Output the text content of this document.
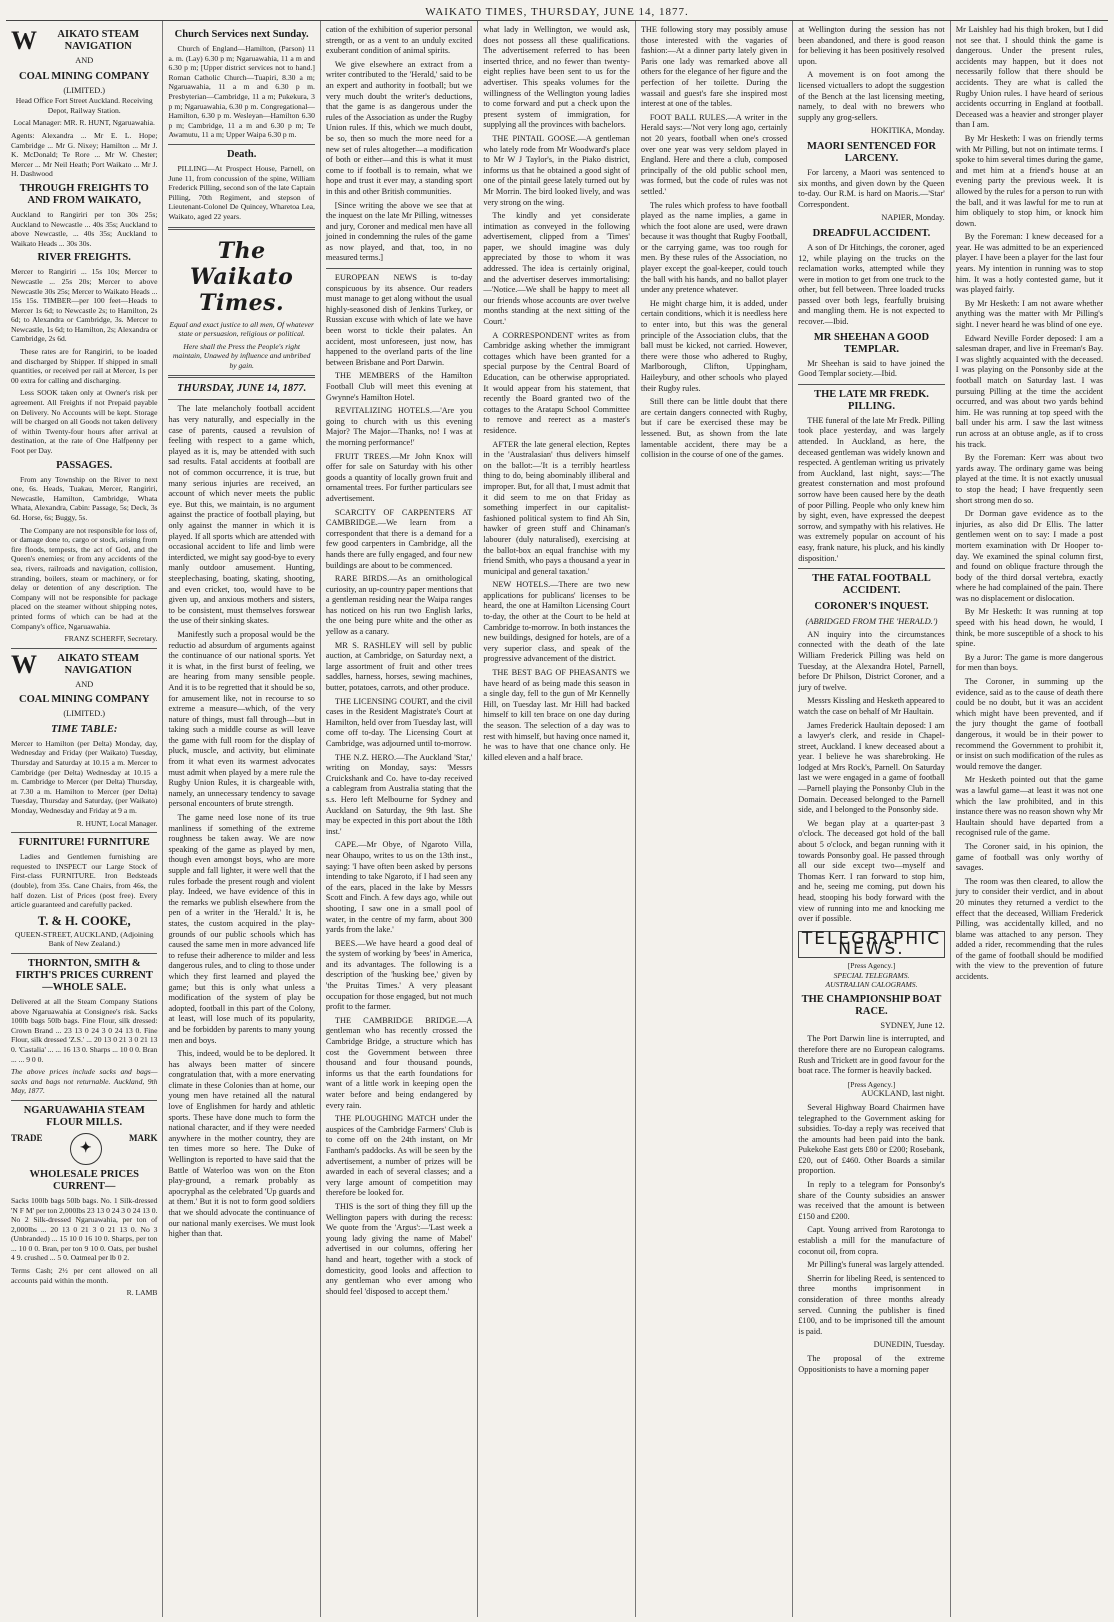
WAIKATO TIMES, THURSDAY, JUNE 14, 1877.
W AIKATO STEAM NAVIGATION
AND
COAL MINING COMPANY
(LIMITED.)

Head Office Fort Street Auckland. Receiving Depot, Railway Station.

Local Manager: MR. R. HUNT, Ngaruawahia.

Agents: Alexandra ... Mr E. L. Hope; Cambridge ... Mr G. Nixey; Hamilton ... Mr J. K. McDonald; Te Rore ... Mr W. Chester; Mercer ... Mr Neil Heath; Port Waikato ... Mr J. H. Dashwood

THROUGH FREIGHTS TO AND FROM WAIKATO,

Auckland to Rangiriri per ton 30s 25s; Auckland to Newcastle ... 40s 35s; Auckland to above Newcastle, ... 40s 35s; Auckland to Waikato Heads ... 30s 30s.

RIVER FREIGHTS.

Mercer to Rangiriri ... 15s 10s; Mercer to Newcastle ... 25s 20s; Mercer to above Newcastle 30s 25s; Mercer to Waikato Heads ... 15s 15s. TIMBER—per 100 feet—Heads to Mercer 1s 6d; to Newcastle 2s; to Hamilton, 2s 6d; to Alexandra or Cambridge, 3s. Mercer to Newcastle, 1s 6d; to Hamilton, 2s; Alexandra or Cambridge, 2s 6d.

These rates are for Rangiriri, to be loaded and discharged by Shipper. If shipped in small quantities, or received per rail at Mercer, 1s per 00 extra for calling and discharging.

Less SOOK taken only at Owner's risk per agreement. All Freights if not Prepaid payable on Delivery. No Accounts will be kept. Storage will be charged on all Goods not taken delivery of within Twenty-four hours after arrival at destination, at the rate of One Halfpenny per Foot per Day.

PASSAGES.

From any Township on the River to next one, 6s. Heads, Tuakau, Mercer, Rangiriri, Newcastle, Hamilton, Cambridge, Whata Whata, Alexandra, Cabin: Passage, 5s; Deck, 3s 6d. Horse, 6s; Buggy, 5s.

The Company are not responsible for loss of, or damage done to, cargo or stock, arising from fire floods, tempests, the act of God, and the Queen's enemies; or from any accidents of the sea, rivers, railroads and navigation, collision, stranding, boilers, steam or machinery, or for delay or detention of any description. The Company will not be responsible for package placed on the steamer without shipping notes, printed forms of which can be had at the Company's office, Ngaruawahia.

FRANZ SCHERFF, Secretary.

W AIKATO STEAM NAVIGATION
AND
COAL MINING COMPANY
(LIMITED.)
TIME TABLE:

Mercer to Hamilton (per Delta) Monday, day, Wednesday and Friday (per Waikato) Tuesday, Thursday and Saturday at 10.15 a m. Mercer to Cambridge (per Delta) Wednesday at 10.15 a m. Cambridge to Mercer (per Delta) Thursday, at 7.30 a m. Hamilton to Mercer (per Delta) Tuesday, Thursday and Saturday, (per Waikato) Monday, Wednesday and Friday at 9 a m.

R. HUNT, Local Manager.

FURNITURE! FURNITURE

Ladies and Gentlemen furnishing are requested to INSPECT our Large Stock of First-class FURNITURE. Iron Bedsteads (double), from 35s. Cane Chairs, from 46s, the half dozen. List of Prices (post free). Every article guaranteed and carefully packed.

T. & H. COOKE,

QUEEN-STREET, AUCKLAND, (Adjoining Bank of New Zealand.)

THORNTON, SMITH & FIRTH'S PRICES CURRENT—WHOLE SALE.

Delivered at all the Steam Company Stations above Ngaruawahia at Consignee's risk. Sacks 100lb bags 50lb bags. Fine Flour, silk dressed: Crown Brand ... 23 13 0 24 3 0 24 13 0. Fine Flour, silk dressed 'Z.S.' ... 20 13 0 21 3 0 21 13 0. 'Castalia' ... ... 16 13 0. Sharps ... 10 0 0. Bran ... ... 9 0 0.

The above prices include sacks and bags—sacks and bags not returnable. Auckland, 9th May, 1877.

NGARUAWAHIA STEAM FLOUR MILLS.
TRADE
✦
MARK
WHOLESALE PRICES CURRENT—

Sacks 100lb bags 50lb bags. No. 1 Silk-dressed 'N F M' per ton 2,000lbs 23 13 0 24 3 0 24 13 0. No 2 Silk-dressed Ngaruawahia, per ton of 2,000lbs ... 20 13 0 21 3 0 21 13 0. No 3 (Unbranded) ... 15 10 0 16 10 0. Sharps, per ton ... 10 0 0. Bran, per ton 9 10 0. Oats, per bushel 4 9. crushed ... 5 0. Oatmeal per lb 0 2.

Terms Cash; 2½ per cent allowed on all accounts paid within the month.

R. LAMB

Church Services next Sunday.

Church of England—Hamilton, (Parson) 11 a. m. (Lay) 6.30 p m; Ngaruawahia, 11 a m and 6.30 p m; [Upper district services not to hand.] Roman Catholic Church—Tuapiri, 8.30 a m; Ngaruawahia, 11 a m and 6.30 p m. Presbyterian—Cambridge, 11 a m; Pukekura, 3 p m; Ngaruawahia, 6.30 p m. Congregational—Hamilton, 6.30 p m. Wesleyan—Hamilton 6.30 p m; Cambridge, 11 a m and 6.30 p m; Te Awamutu, 11 a m; Upper Waipa 6.30 p m.

Death.

PILLING—At Prospect House, Parnell, on June 11, from concussion of the spine, William Frederick Pilling, second son of the late Captain Pilling, 70th Regiment, and stepson of Lieutenant-Colonel De Quincey, Wharetoa Lea, Waikato, aged 22 years.

The Waikato Times.

Equal and exact justice to all men, Of whatever state or persuasion, religious or political.

Here shall the Press the People's right maintain, Unawed by influence and unbribed by gain.

THURSDAY, JUNE 14, 1877.

The late melancholy football accident has very naturally, and especially in the case of parents, caused a revulsion of feeling with respect to a game which, played as it is, may be attended with such sad results. Fatal accidents at football are not of common occurrence, it is true, but many serious injuries are received, an account of which never meets the public eye. But this, we maintain, is no argument against the practice of football playing, but only against the manner in which it is played. If all sports which are attended with occasional accident to life and limb were interdicted, we might say good-bye to every manly outdoor amusement. Hunting, steeplechasing, boating, skating, shooting, and even cricket, too, would have to be given up, and anxious mothers and sisters, to be consistent, must themselves forswear the use of their sinking skates.

Manifestly such a proposal would be the reductio ad absurdum of arguments against the continuance of our national sports. Yet it is what, in the first burst of feeling, we are hearing from many sensible people. And it is to be regretted that it should be so, for amusement like, not in recourse to so extreme a measure—which, of the very nature of things, must fall through—but in taking such a middle course as will leave the game with full room for the display of pluck, muscle, and activity, but eliminate from it what even its warmest advocates must admit when played by a mere rule the Rugby Union Rules, it is chargeable with, namely, an unnecessary tendency to savage personal encounters of brute strength.

The game need lose none of its true manliness if something of the extreme roughness be taken away. We are now speaking of the game as played by men, though even amongst boys, who are more supple and fall lighter, it were well that the rules forbade the present rough and violent play. Indeed, we have evidence of this in the remarks we publish elsewhere from the pen of a writer in the 'Herald.' It is, he states, the custom acquired in the play-grounds of our public schools which has caused the same men in more advanced life to refuse their adherence to milder and less dangerous rules, and to cling to those under which they first learned and played the game; but this is only what unless a modification of the system of play be adopted, football in this part of the Colony, at least, will lose much of its popularity, and be forbidden by parents to many young men and boys.

This, indeed, would be to be deplored. It has always been matter of sincere congratulation that, with a more enervating climate in these Colonies than at home, our young men have retained all the natural love of Englishmen for hardy and athletic sports. These have done much to form the national character, and if they were needed anywhere in the mother country, they are ten times more so here. The Duke of Wellington is reported to have said that the Battle of Waterloo was won on the Eton play-ground, a remark probably as apocryphal as the celebrated 'Up guards and at them.' But it is not to form good soldiers that we should advocate the continuance of our national manly exercises. We must look higher than that.

cation of the exhibition of superior personal strength, or as a vent to an unduly excited exuberant condition of animal spirits.

We give elsewhere an extract from a writer contributed to the 'Herald,' said to be an expert and authority in football; but we very much doubt the writer's deductions, that the game is as dangerous under the rules of the Association as under the Rugby Union rules. If this, which we much doubt, be so, then so much the more need for a new set of rules altogether—a modification of both or either—and this is what it must come to if football is to remain, what we hope and trust it ever may, a standing sport in this and other British communities.

[Since writing the above we see that at the inquest on the late Mr Pilling, witnesses and jury, Coroner and medical men have all joined in condemning the rules of the game as now played, and that, too, in no measured terms.]

EUROPEAN NEWS is to-day conspicuous by its absence. Our readers must manage to get along without the usual highly-seasoned dish of Jenkins Turkey, or Russian excuse with which of late we have been worst to tickle their palates. An accident, most unforeseen, just now, has happened to the overland parts of the line between Brisbane and Port Darwin.

THE MEMBERS of the Hamilton Football Club will meet this evening at Gwynne's Hamilton Hotel.

REVITALIZING HOTELS.—'Are you going to church with us this evening Major? The Major—Thanks, no! I was at the morning performance!'

FRUIT TREES.—Mr John Knox will offer for sale on Saturday with his other goods a quantity of locally grown fruit and ornamental trees. For further particulars see advertisement.

SCARCITY OF CARPENTERS AT CAMBRIDGE.—We learn from a correspondent that there is a demand for a few good carpenters in Cambridge, all the hands there are fully engaged, and four new buildings are about to be commenced.

RARE BIRDS.—As an ornithological curiosity, an up-country paper mentions that a gentleman residing near the Waipa ranges has noticed on his run two English larks, the one being pure white and the other as yellow as a canary.

MR S. RASHLEY will sell by public auction, at Cambridge, on Saturday next, a large assortment of fruit and other trees saddles, harness, horses, sewing machines, butter, potatoes, carrots, and other produce.

THE LICENSING COURT, and the civil cases in the Resident Magistrate's Court at Hamilton, held over from Tuesday last, will come off to-day. The Licensing Court at Cambridge, was adjourned until to-morrow.

THE N.Z. HERO.—The Auckland 'Star,' writing on Monday, says: 'Messrs Cruickshank and Co. have to-day received a cablegram from Australia stating that the s.s. Hero left Melbourne for Sydney and Auckland on Saturday, the 9th last. She may be expected in this port about the 18th inst.'

CAPE.—Mr Obye, of Ngaroto Villa, near Ohaupo, writes to us on the 13th inst., saying: 'I have often been asked by persons intending to take Ngaroto, if I had seen any of the ears, placed in the lake by Messrs Scott and Finch. A few days ago, while out shooting, I saw one in a small pool of water, in the centre of my farm, about 300 yards from the lake.'

BEES.—We have heard a good deal of the system of working by 'bees' in America, and its advantages. The following is a description of the 'husking bee,' given by 'the Pruitas Times.' A very pleasant occupation for those engaged, but not much profit to the farmer.

THE CAMBRIDGE BRIDGE.—A gentleman who has recently crossed the Cambridge Bridge, a structure which has cost the Government between three thousand and four thousand pounds, informs us that the earth foundations for want of a little work in keeping open the water before and being endangered by every rain.

THE PLOUGHING MATCH under the auspices of the Cambridge Farmers' Club is to come off on the 24th instant, on Mr Fantham's paddocks. As will be seen by the advertisement, a number of prizes will be awarded in each of several classes; and a very large amount of competition may therefore be looked for.

THIS is the sort of thing they fill up the Wellington papers with during the recess: We quote from the 'Argus':—'Last week a young lady giving the name of Mabel' advertised in our columns, offering her hand and heart, together with a stock of domesticity, good looks and affection to any gentleman who ever among who should feel 'disposed to accept them.'

what lady in Wellington, we would ask, does not possess all these qualifications. The advertisement referred to has been inserted thrice, and no fewer than twenty-eight replies have been sent to us for the advertiser. This speaks volumes for the willingness of the Wellington young ladies to come forward and put a check upon the present system of immigration, for supplying all the provinces with bachelors.

THE PINTAIL GOOSE.—A gentleman who lately rode from Mr Woodward's place to Mr W J Taylor's, in the Piako district, informs us that he obtained a good sight of one of the pintail geese lately turned out by Mr Morrin. The bird looked lively, and was very strong on the wing.

The kindly and yet considerate intimation as conveyed in the following advertisement, clipped from a 'Times' paper, we should imagine was duly appreciated by those to whom it was addressed. The idea is certainly original, and the advertiser deserves immortalising:—'Notice.—We shall be happy to meet all our friends whose accounts are over twelve months standing at the next sitting of the Court.'

A CORRESPONDENT writes as from Cambridge asking whether the immigrant cottages which have been granted for a special purpose by the Central Board of Education, can be otherwise appropriated. It would appear from his statement, that recently the Board granted two of the cottages to the Aratapu School Committee to remove and reerect as a master's residence.

AFTER the late general election, Reptes in the 'Australasian' thus delivers himself on the ballot:—'It is a terribly heartless thing to do, being abominably illiberal and improper. But, for all that, I must admit that it did seem to me on that Friday as something imperfect in our capitalist-fashioned political system to find Ah Sin, hawker of green stuff and Chinaman's labourer (duly naturalised), exercising at the ballot-box an equal franchise with my friend Smith, who pays a thousand a year in municipal and general taxation.'

NEW HOTELS.—There are two new applications for publicans' licenses to be heard, the one at Hamilton Licensing Court to-day, the other at the Court to be held at Cambridge to-morrow. In both instances the new buildings, designed for hotels, are of a very superior class, and speak of the progressive advancement of the district.

THE BEST BAG OF PHEASANTS we have heard of as being made this season in a single day, fell to the gun of Mr Kennelly Hill, on Tuesday last. Mr Hill had backed himself to kill ten brace on one day during the season. The selection of a day was to rest with himself, but having once named it, he was to have that one chance only. He killed eleven and a half brace.

THE following story may possibly amuse those interested with the vagaries of fashion:—At a dinner party lately given in Paris one lady was remarked above all others for the elegance of her figure and the perfection of her toilette. During the wassail and guest's fare she inspired most interest at one of the tables.

FOOT BALL RULES.—A writer in the Herald says:—'Not very long ago, certainly not 20 years, football when one's crossed over one year was very seldom played in England. Here and there a club, composed principally of the old public school men, was formed, but the code of rules was not settled.'

The rules which profess to have football played as the name implies, a game in which the foot alone are used, were drawn because it was thought that Rugby Football, or the carrying game, was too rough for men. By these rules of the Association, no player except the goal-keeper, could touch the ball with his hands, and no ballot player under any pretence whatever.

He might charge him, it is added, under certain conditions, which it is needless here to enter into, but this was the general principle of the Association clubs, that the ball must be kicked, not carried. However, there were those who adhered to Rugby, Marlborough, Clifton, Uppingham, Haileybury, and other schools who played their Rugby rules.

Still there can be little doubt that there are certain dangers connected with Rugby, but if care be exercised these may be lessened. But, as shown from the late lamentable accident, there may be a collision in the course of one of the games.

at Wellington during the session has not been abandoned, and there is good reason for believing it has been positively resolved upon.

A movement is on foot among the licensed victuallers to adopt the suggestion of the Bench at the last licensing meeting, namely, to deal with no brewers who supply any grog-sellers.

HOKITIKA, Monday.

MAORI SENTENCED FOR LARCENY.

For larceny, a Maori was sentenced to six months, and given down by the Queen to-day. Our R.M. is hard on Maoris.—'Star' Correspondent.

NAPIER, Monday.

DREADFUL ACCIDENT.

A son of Dr Hitchings, the coroner, aged 12, while playing on the trucks on the reclamation works, attempted while they were in motion to get from one truck to the other, but fell between. Three loaded trucks passed over both legs, fearfully bruising and mangling them. He is not expected to recover.—Ibid.

MR SHEEHAN A GOOD TEMPLAR.

Mr Sheehan is said to have joined the Good Templar society.—Ibid.

THE LATE MR FREDK. PILLING.

THE funeral of the late Mr Fredk. Pilling took place yesterday, and was largely attended. In Auckland, as here, the deceased gentleman was widely known and respected. A gentleman writing us privately from Auckland, last night, says:—'The greatest consternation and most profound sorrow have been caused here by the death of poor Pilling. People who only knew him by sight, even, have expressed the deepest sorrow, and sympathy with his relatives. He was extremely popular on account of his easy, frank nature, his pluck, and his kindly disposition.'

THE FATAL FOOTBALL ACCIDENT.
CORONER'S INQUEST.
(ABRIDGED FROM THE 'HERALD.')

AN inquiry into the circumstances connected with the death of the late William Frederick Pilling was held on Tuesday, at the Alexandra Hotel, Parnell, before Dr Philson, District Coroner, and a jury of twelve.

Messrs Kissling and Hesketh appeared to watch the case on behalf of Mr Haultain.

James Frederick Haultain deposed: I am a lawyer's clerk, and reside in Chapel-street, Auckland. I knew deceased about a year. I believe he was sharebroking. He lodged at Mrs Rock's, Parnell. On Saturday last we were engaged in a game of football—Parnell playing the Ponsonby Club in the Domain. Deceased belonged to the Parnell side, and I belonged to the Ponsonby side.

We began play at a quarter-past 3 o'clock. The deceased got hold of the ball about 5 o'clock, and began running with it towards Ponsonby goal. He passed through all our side except two—myself and Thomas Kerr. I ran forward to stop him, and he, seeing me coming, put down his head, stooping his body forward with the view of running into me and knocking me over if possible.

TELEGRAPHIC NEWS.
[Press Agency.]
SPECIAL TELEGRAMS.
AUSTRALIAN CALOGRAMS.
THE CHAMPIONSHIP BOAT RACE.

SYDNEY, June 12.

The Port Darwin line is interrupted, and therefore there are no European calograms. Rush and Trickett are in good favour for the boat race. The former is heavily backed.

[Press Agency.]

AUCKLAND, last night.

Several Highway Board Chairmen have telegraphed to the Government asking for subsidies. To-day a reply was received that the amounts had been paid into the bank. Pukekohe East gets £80 or £200; Rosebank, £20, out of £460. Other Boards a similar proportion.

In reply to a telegram for Ponsonby's share of the County subsidies an answer was received that the amount is between £150 and £200.

Capt. Young arrived from Rarotonga to establish a mill for the manufacture of coconut oil, from copra.

Mr Pilling's funeral was largely attended.

Sherrin for libeling Reed, is sentenced to three months imprisonment in consideration of three months already served. Cunning the publisher is fined £100, and to be imprisoned till the amount is paid.

DUNEDIN, Tuesday.

The proposal of the extreme Oppositionists to have a morning paper

Mr Laishley had his thigh broken, but I did not see that. I should think the game is dangerous. Under the present rules, accidents may happen, but it does not necessarily follow that there should be accidents. They are what is called the Rugby Union rules. I have heard of serious accidents occurring in England at football. Deceased was a heavier and stronger player than I am.

By Mr Hesketh: I was on friendly terms with Mr Pilling, but not on intimate terms. I spoke to him several times during the game, and met him at a friend's house at an evening party the previous week. It is allowed by the rules for a person to run with the ball, and it was lawful for me to run at him obliquely to stop him, or knock him down.

By the Foreman: I knew deceased for a year. He was admitted to be an experienced player. I have been a player for the last four years. My intention in running was to stop him. It was a hotly contested game, but it was played fairly.

By Mr Hesketh: I am not aware whether anything was the matter with Mr Pilling's sight. I never heard he was blind of one eye.

Edward Neville Forder deposed: I am a salesman draper, and live in Freeman's Bay. I was slightly acquainted with the deceased. I was playing on the Ponsonby side at the football match on Saturday last. I was pursuing Pilling at the time the accident occurred, and was about two yards behind him. He was running at top speed with the ball under his arm. I saw the last witness run across at an obtuse angle, as if to cross his track.

By the Foreman: Kerr was about two yards away. The ordinary game was being played at the time. It is not exactly unusual to stop the head; I have frequently seen short strong men do so.

Dr Dorman gave evidence as to the injuries, as also did Dr Ellis. The latter gentlemen went on to say: I made a post mortem examination with Dr Hooper to-day. We examined the spinal column first, and found on oblique fracture through the body of the third dorsal vertebra, exactly where he had complained of the pain. There was no displacement or dislocation.

By Mr Hesketh: It was running at top speed with his head down, he would, I think, be more susceptible of a shock to his spine.

By a Juror: The game is more dangerous for men than boys.

The Coroner, in summing up the evidence, said as to the cause of death there could be no doubt, but it was an accident which might have been prevented, and if the jury thought the game of football dangerous, it would be in their power to recommend the Government to prohibit it, or insist on such modification of the rules as would remove the danger.

Mr Hesketh pointed out that the game was a lawful game—at least it was not one which the law prohibited, and in this instance there was no reason shown why Mr Haultain should have departed from a recognised rule of the game.

The Coroner said, in his opinion, the game of football was only worthy of savages.

The room was then cleared, to allow the jury to consider their verdict, and in about 20 minutes they returned a verdict to the effect that the deceased, William Frederick Pilling, was accidentally killed, and no blame was attached to any person. They added a rider, recommending that the rules of the game of football should be modified with the view to the prevention of future accidents.
